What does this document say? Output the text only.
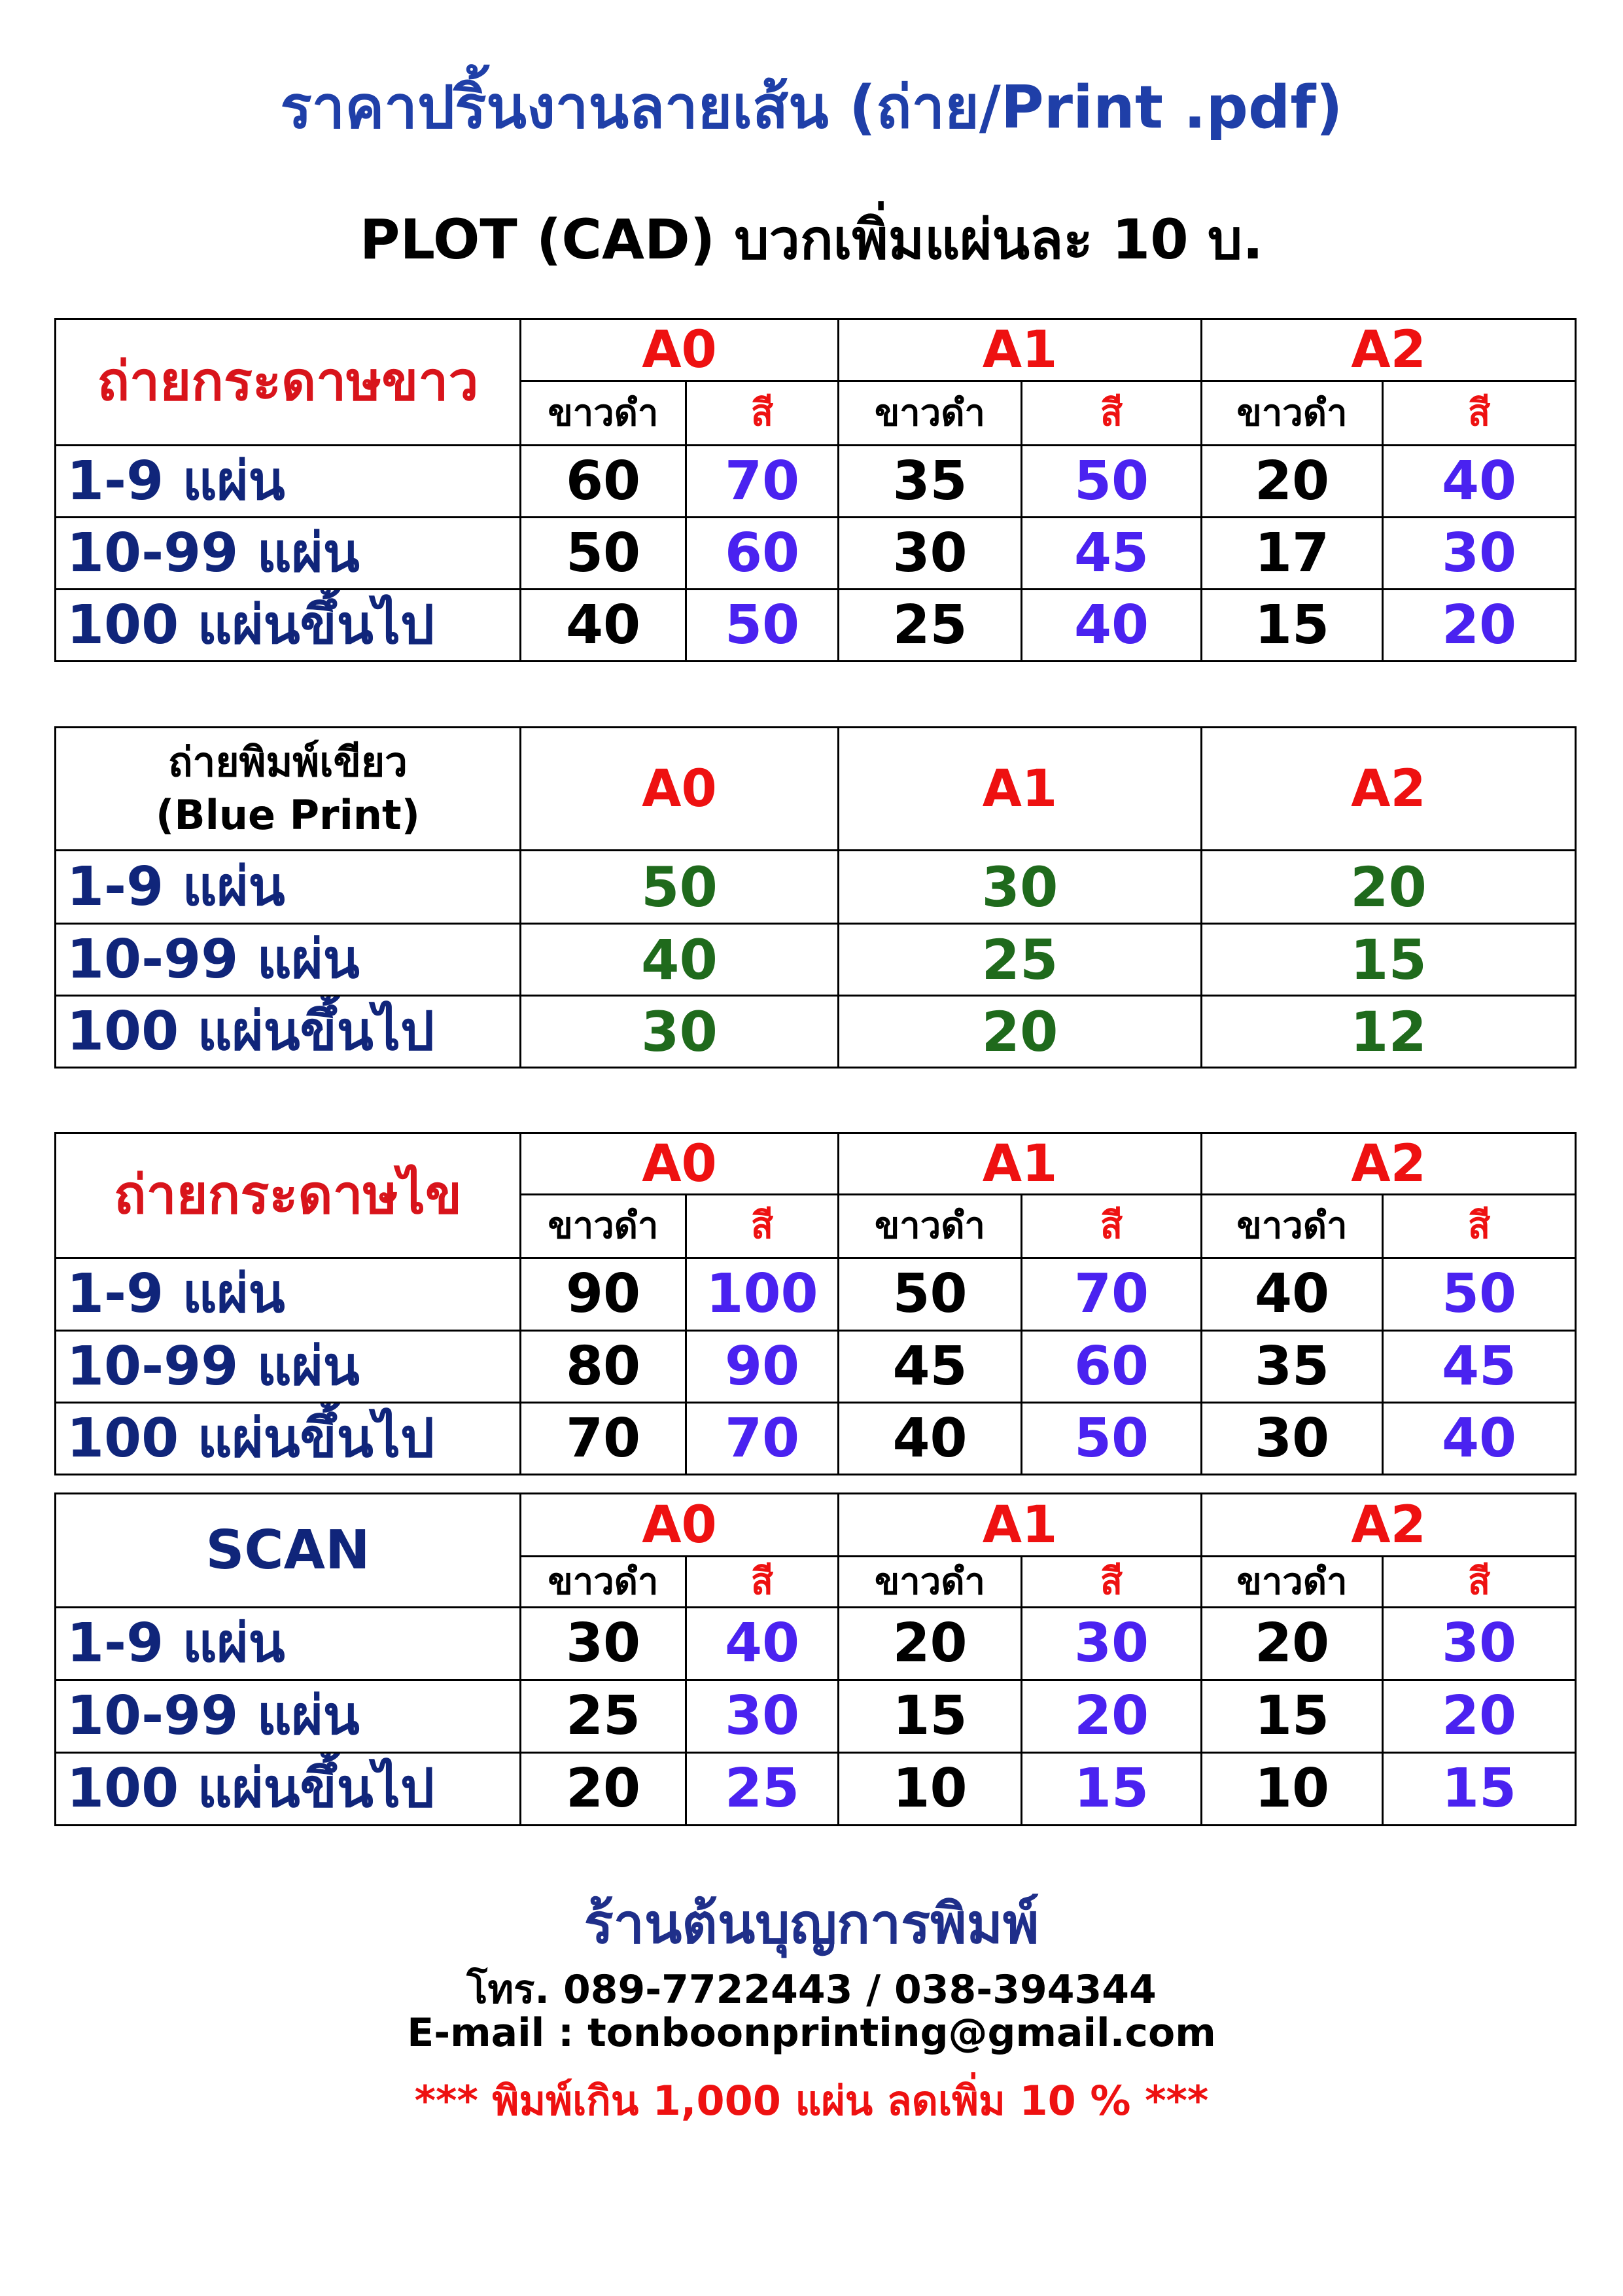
ราคาปริ้นงานลายเส้น (ถ่าย/Print .pdf)
PLOT (CAD) บวกเพิ่มแผ่นละ 10 บ.
ถ่ายกระดาษขาว	A0		A1		A2	
	ขาวดำ	สี	ขาวดำ	สี	ขาวดำ	สี
1-9 แผ่น	60	70	35	50	20	40
10-99 แผ่น	50	60	30	45	17	30
100 แผ่นขึ้นไป	40	50	25	40	15	20
ถ่ายพิมพ์เขียว
(Blue Print)	A0	A1	A2
1-9 แผ่น	50	30	20
10-99 แผ่น	40	25	15
100 แผ่นขึ้นไป	30	20	12
ถ่ายกระดาษไข	A0		A1		A2	
	ขาวดำ	สี	ขาวดำ	สี	ขาวดำ	สี
1-9 แผ่น	90	100	50	70	40	50
10-99 แผ่น	80	90	45	60	35	45
100 แผ่นขึ้นไป	70	70	40	50	30	40
SCAN	A0		A1		A2	
	ขาวดำ	สี	ขาวดำ	สี	ขาวดำ	สี
1-9 แผ่น	30	40	20	30	20	30
10-99 แผ่น	25	30	15	20	15	20
100 แผ่นขึ้นไป	20	25	10	15	10	15
ร้านต้นบุญการพิมพ์
โทร. 089-7722443 / 038-394344
E-mail : tonboonprinting@gmail.com
*** พิมพ์เกิน 1,000 แผ่น ลดเพิ่ม 10 % ***
